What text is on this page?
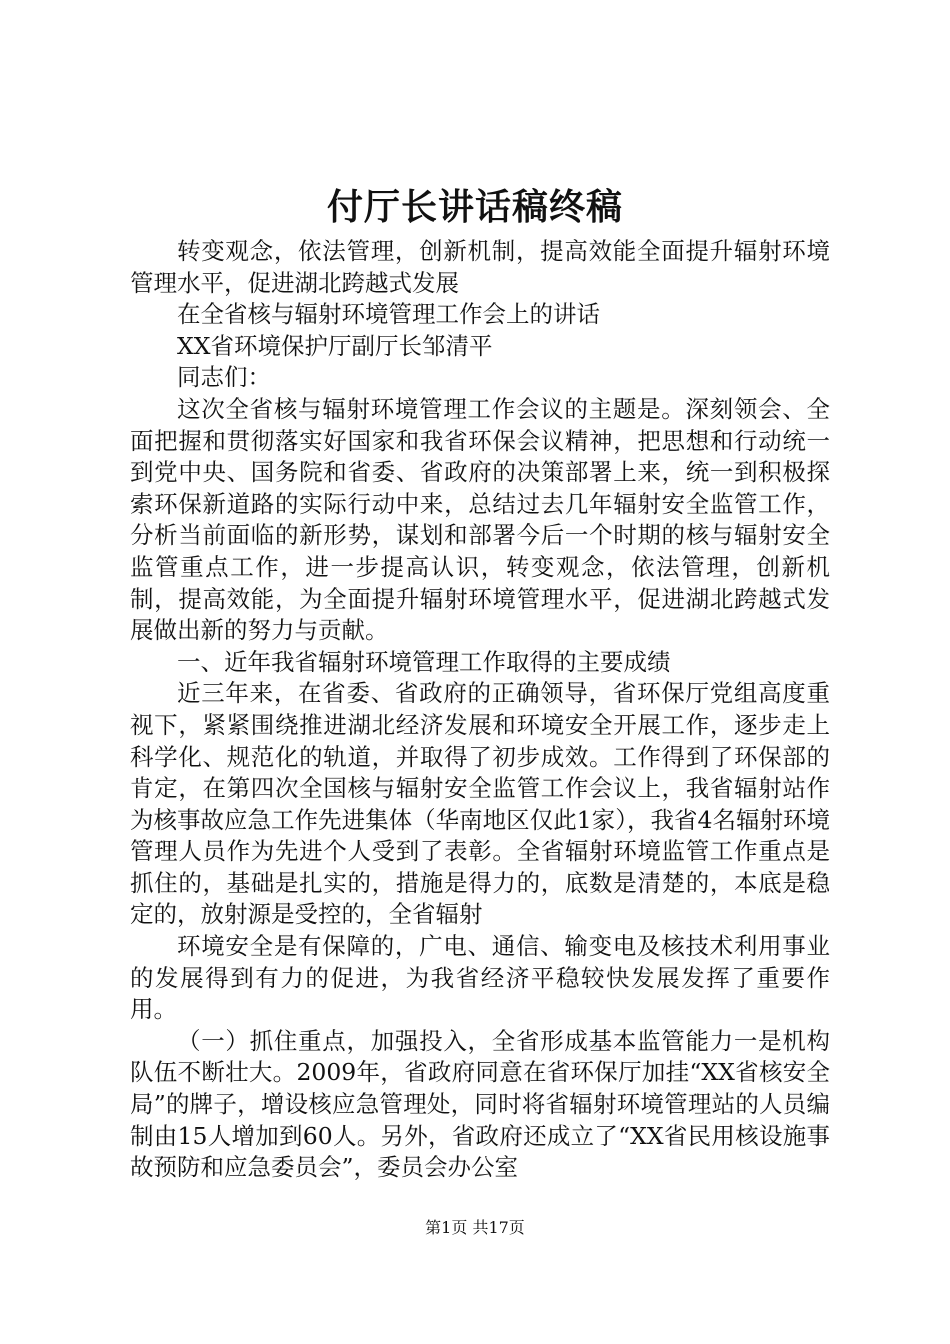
付厅长讲话稿终稿

转变观念，依法管理，创新机制，提高效能全面提升辐射环境管理水平，促进湖北跨越式发展

在全省核与辐射环境管理工作会上的讲话

XX省环境保护厅副厅长邹清平

同志们：

这次全省核与辐射环境管理工作会议的主题是。深刻领会、全面把握和贯彻落实好国家和我省环保会议精神，把思想和行动统一到党中央、国务院和省委、省政府的决策部署上来，统一到积极探索环保新道路的实际行动中来，总结过去几年辐射安全监管工作，分析当前面临的新形势，谋划和部署今后一个时期的核与辐射安全监管重点工作，进一步提高认识，转变观念，依法管理，创新机制，提高效能，为全面提升辐射环境管理水平，促进湖北跨越式发展做出新的努力与贡献。

一、近年我省辐射环境管理工作取得的主要成绩

近三年来，在省委、省政府的正确领导，省环保厅党组高度重视下，紧紧围绕推进湖北经济发展和环境安全开展工作，逐步走上科学化、规范化的轨道，并取得了初步成效。工作得到了环保部的肯定，在第四次全国核与辐射安全监管工作会议上，我省辐射站作为核事故应急工作先进集体（华南地区仅此1家），我省4名辐射环境管理人员作为先进个人受到了表彰。全省辐射环境监管工作重点是抓住的，基础是扎实的，措施是得力的，底数是清楚的，本底是稳定的，放射源是受控的，全省辐射

环境安全是有保障的，广电、通信、输变电及核技术利用事业的发展得到有力的促进，为我省经济平稳较快发展发挥了重要作用。

（一）抓住重点，加强投入，全省形成基本监管能力一是机构队伍不断壮大。2009年，省政府同意在省环保厅加挂“XX省核安全局”的牌子，增设核应急管理处，同时将省辐射环境管理站的人员编制由15人增加到60人。另外，省政府还成立了“XX省民用核设施事故预防和应急委员会”，委员会办公室

第1页 共17页
